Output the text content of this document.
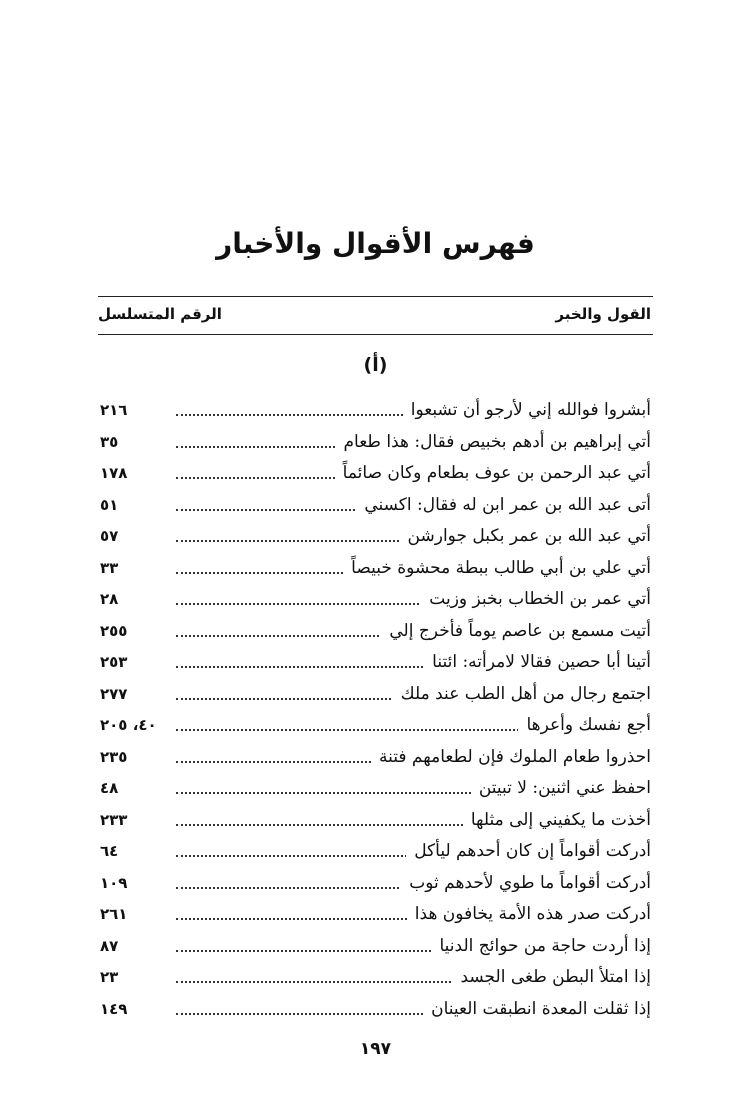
فهرس الأقوال والأخبار
القول والخبر
الرقم المتسلسل
(أ)
أبشروا فوالله إني لأرجو أن تشبعوا
٢١٦
أتي إبراهيم بن أدهم بخبيص فقال: هذا طعام
٣٥
أتي عبد الرحمن بن عوف بطعام وكان صائماً
١٧٨
أتى عبد الله بن عمر ابن له فقال: اكسني
٥١
أتي عبد الله بن عمر بكبل جوارشن
٥٧
أتي علي بن أبي طالب ببطة محشوة خبيصاً
٣٣
أتي عمر بن الخطاب بخبز وزيت
٢٨
أتيت مسمع بن عاصم يوماً فأخرج إلي
٢٥٥
أتينا أبا حصين فقالا لامرأته: ائتنا
٢٥٣
اجتمع رجال من أهل الطب عند ملك
٢٧٧
أجع نفسك وأعرها
٤٠، ٢٠٥
احذروا طعام الملوك فإن لطعامهم فتنة
٢٣٥
احفظ عني اثنين: لا تبيتن
٤٨
أخذت ما يكفيني إلى مثلها
٢٣٣
أدركت أقواماً إن كان أحدهم ليأكل
٦٤
أدركت أقواماً ما طوي لأحدهم ثوب
١٠٩
أدركت صدر هذه الأمة يخافون هذا
٢٦١
إذا أردت حاجة من حوائج الدنيا
٨٧
إذا امتلأ البطن طغى الجسد
٢٣
إذا ثقلت المعدة انطبقت العينان
١٤٩
١٩٧
